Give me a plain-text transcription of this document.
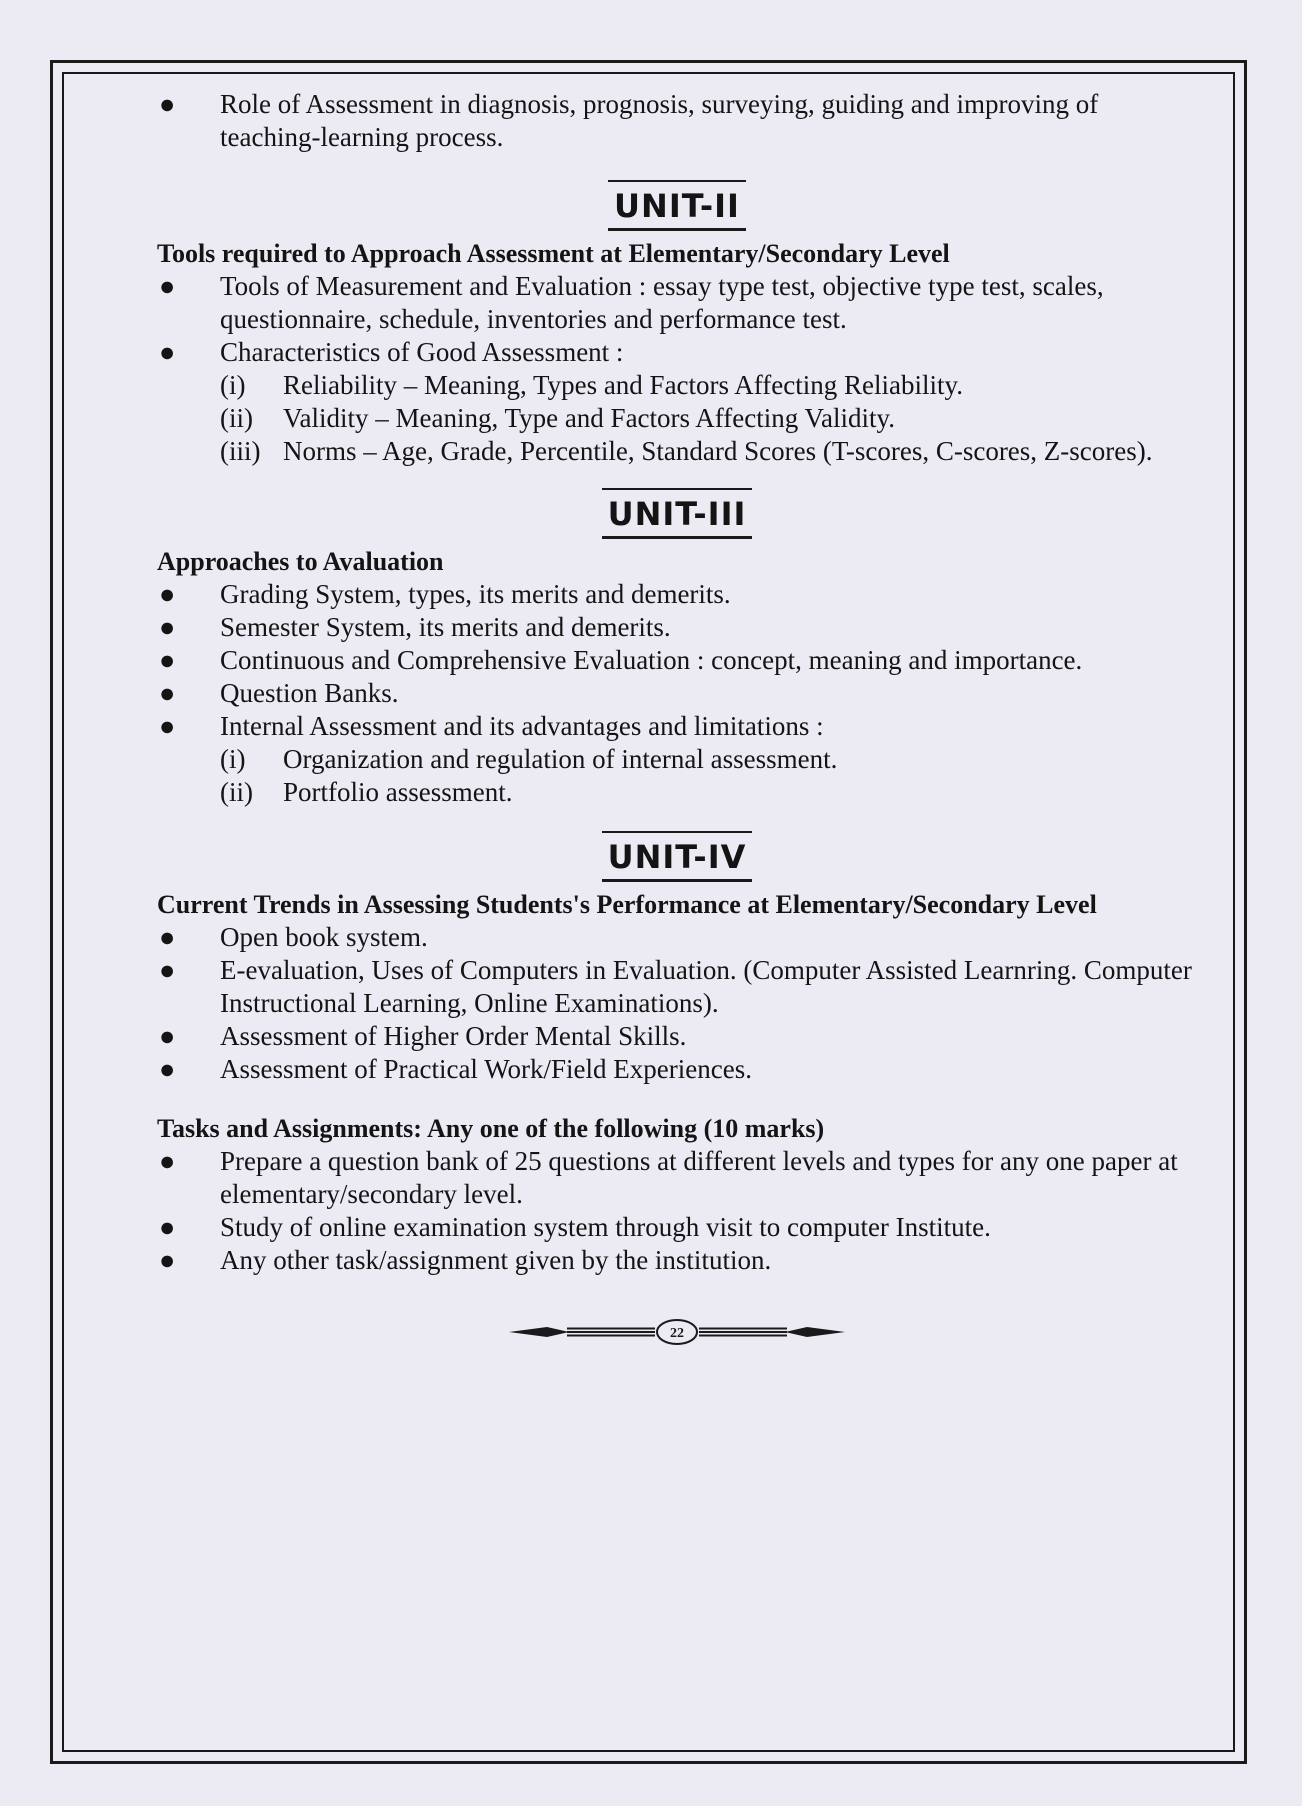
● Role of Assessment in diagnosis, prognosis, surveying, guiding and improving of teaching-learning process.
UNIT-II
Tools required to Approach Assessment at Elementary/Secondary Level
● Tools of Measurement and Evaluation : essay type test, objective type test, scales, questionnaire, schedule, inventories and performance test.
● Characteristics of Good Assessment :
(i) Reliability – Meaning, Types and Factors Affecting Reliability.
(ii) Validity – Meaning, Type and Factors Affecting Validity.
(iii) Norms – Age, Grade, Percentile, Standard Scores (T-scores, C-scores, Z-scores).
UNIT-III
Approaches to Avaluation
● Grading System, types, its merits and demerits.
● Semester System, its merits and demerits.
● Continuous and Comprehensive Evaluation : concept, meaning and importance.
● Question Banks.
● Internal Assessment and its advantages and limitations :
(i) Organization and regulation of internal assessment.
(ii) Portfolio assessment.
UNIT-IV
Current Trends in Assessing Students's Performance at Elementary/Secondary Level
● Open book system.
● E-evaluation, Uses of Computers in Evaluation. (Computer Assisted Learnring. Computer Instructional Learning, Online Examinations).
● Assessment of Higher Order Mental Skills.
● Assessment of Practical Work/Field Experiences.
Tasks and Assignments: Any one of the following (10 marks)
● Prepare a question bank of 25 questions at different levels and types for any one paper at elementary/secondary level.
● Study of online examination system through visit to computer Institute.
● Any other task/assignment given by the institution.
22
